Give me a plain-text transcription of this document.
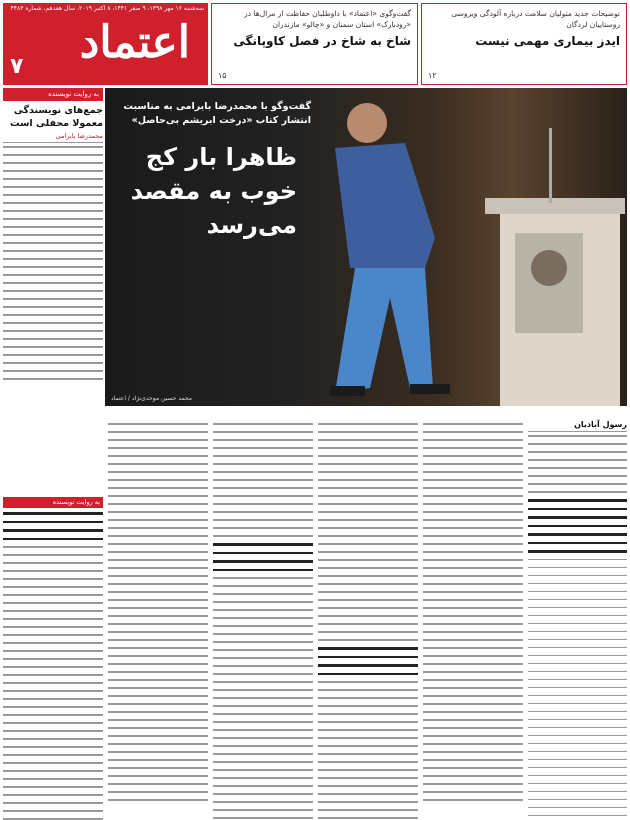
سه‌شنبه ۱۶ مهر ۱۳۹۸، ۹ صفر ۱۴۴۱، ۸ اکتبر ۲۰۱۹، سال هفدهم، شماره ۴۴۸۳
اعتماد
۷
گفت‌وگوی «اعتماد» با داوطلبان حفاظت از مرال‌ها در «رودبارک» استان سمنان و «چالو» مازندران
شاخ به شاخ در فصل کاوپانگی
۱۵
توضیحات جدید متولیان سلامت درباره آلودگی ویروسی روستاییان لردگان
ایدز بیماری مهمی نیست
۱۲
گفت‌وگو با محمدرضا بایرامی به مناسبت انتشار کتاب «درخت ابریشم بی‌حاصل»
ظاهرا بار کج خوب به مقصد می‌رسد
محمد حسین موحدی‌نژاد / اعتماد
به روایت نویسنده
جمع‌های نویسندگی معمولا محفلی است
محمدرضا بایرامی
به روایت نویسنده
رسول آبادیان
